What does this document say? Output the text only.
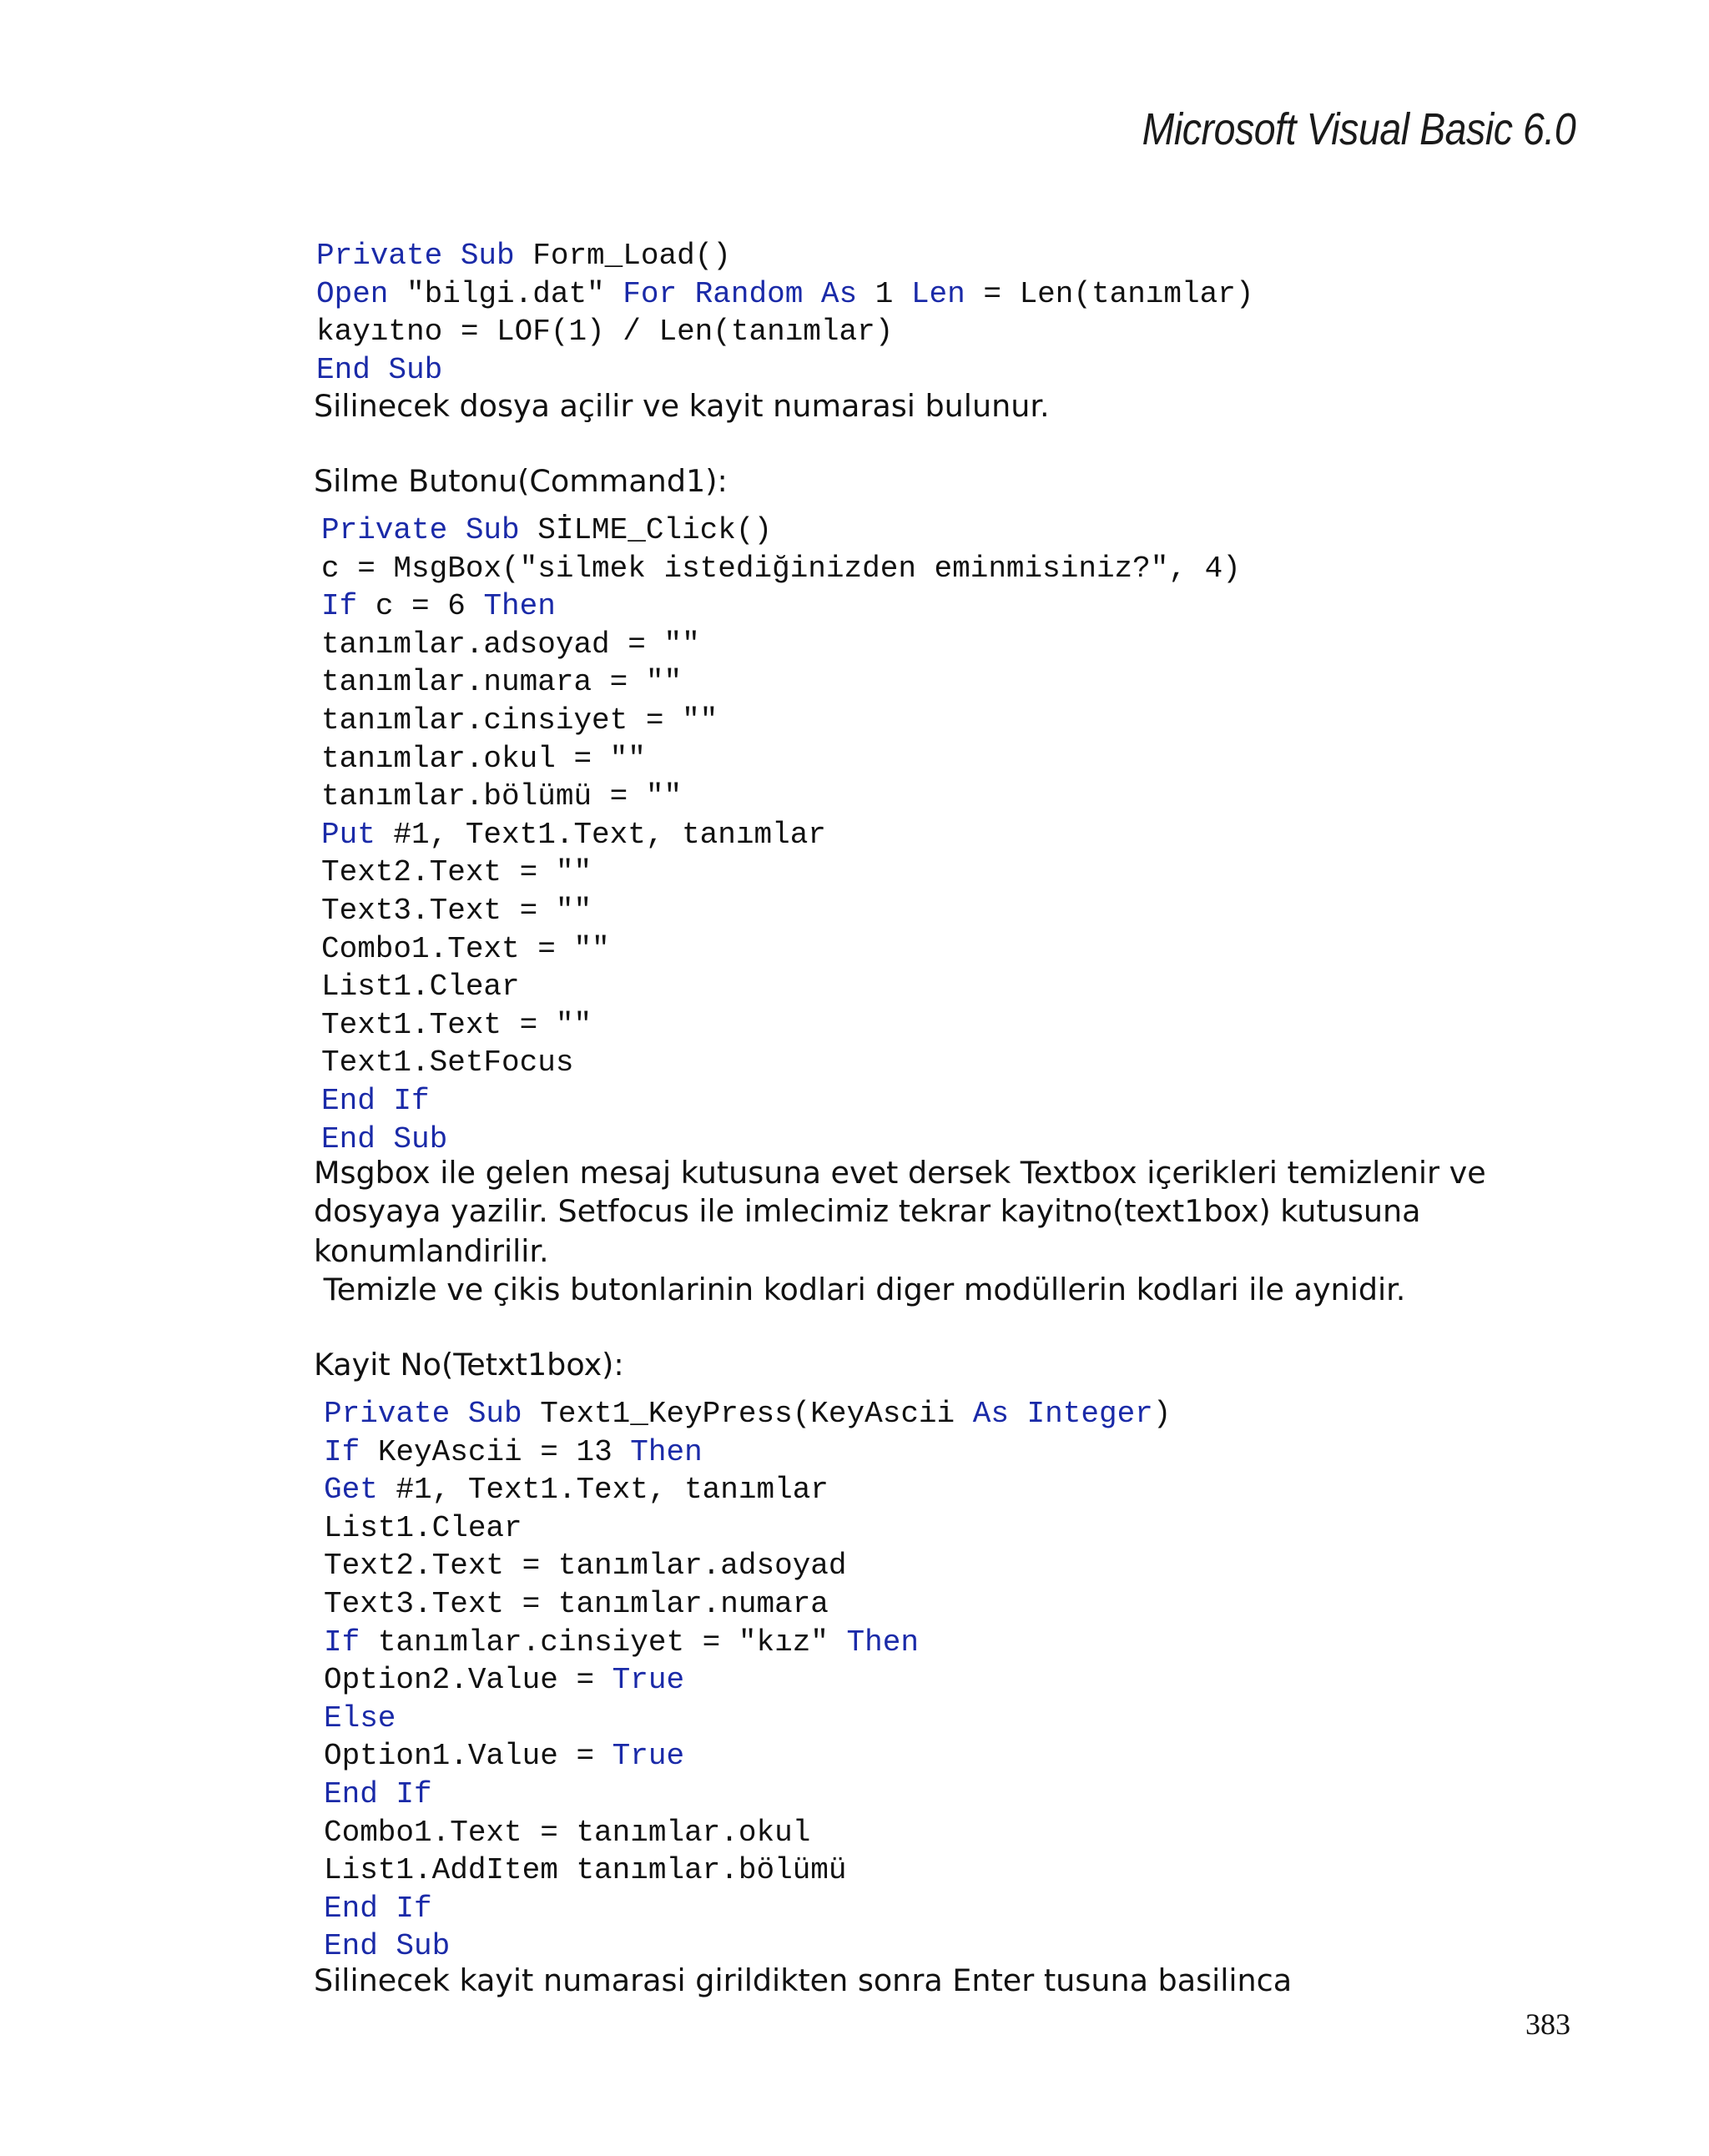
Microsoft Visual Basic 6.0
Private Sub Form_Load()
Open "bilgi.dat" For Random As 1 Len = Len(tanımlar)
kayıtno = LOF(1) / Len(tanımlar)
End Sub
Silinecek dosya açilir ve kayit numarasi bulunur.
Silme Butonu(Command1):
Private Sub SİLME_Click()
c = MsgBox("silmek istediğinizden eminmisiniz?", 4)
If c = 6 Then
tanımlar.adsoyad = ""
tanımlar.numara = ""
tanımlar.cinsiyet = ""
tanımlar.okul = ""
tanımlar.bölümü = ""
Put #1, Text1.Text, tanımlar
Text2.Text = ""
Text3.Text = ""
Combo1.Text = ""
List1.Clear
Text1.Text = ""
Text1.SetFocus
End If
End Sub
Msgbox ile gelen mesaj kutusuna evet dersek Textbox içerikleri temizlenir ve
dosyaya yazilir. Setfocus ile imlecimiz tekrar kayitno(text1box) kutusuna
konumlandirilir.
Temizle ve çikis butonlarinin kodlari diger modüllerin kodlari ile aynidir.
Kayit No(Tetxt1box):
Private Sub Text1_KeyPress(KeyAscii As Integer)
If KeyAscii = 13 Then
Get #1, Text1.Text, tanımlar
List1.Clear
Text2.Text = tanımlar.adsoyad
Text3.Text = tanımlar.numara
If tanımlar.cinsiyet = "kız" Then
Option2.Value = True
Else
Option1.Value = True
End If
Combo1.Text = tanımlar.okul
List1.AddItem tanımlar.bölümü
End If
End Sub
Silinecek kayit numarasi girildikten sonra Enter tusuna basilinca
383
